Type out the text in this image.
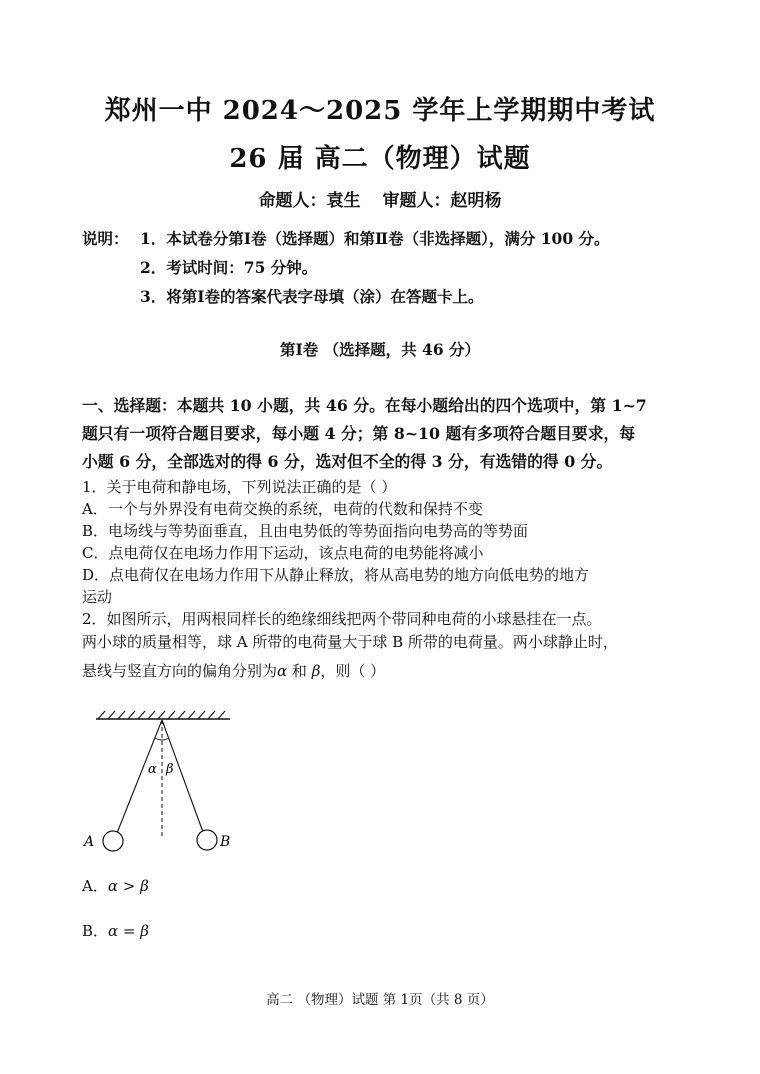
郑州一中 2024～2025 学年上学期期中考试
26 届 高二（物理）试题
命题人：袁生 审题人：赵明杨
说明： 1．本试卷分第Ⅰ卷（选择题）和第Ⅱ卷（非选择题），满分 100 分。
2．考试时间：75 分钟。
3．将第Ⅰ卷的答案代表字母填（涂）在答题卡上。
第Ⅰ卷 （选择题，共 46 分）
一、选择题：本题共 10 小题，共 46 分。在每小题给出的四个选项中，第 1~7
题只有一项符合题目要求，每小题 4 分；第 8~10 题有多项符合题目要求，每
小题 6 分，全部选对的得 6 分，选对但不全的得 3 分，有选错的得 0 分。
1．关于电荷和静电场，下列说法正确的是（ ）
A．一个与外界没有电荷交换的系统，电荷的代数和保持不变
B．电场线与等势面垂直，且由电势低的等势面指向电势高的等势面
C．点电荷仅在电场力作用下运动，该点电荷的电势能将减小
D．点电荷仅在电场力作用下从静止释放，将从高电势的地方向低电势的地方
运动
2．如图所示，用两根同样长的绝缘细线把两个带同种电荷的小球悬挂在一点。
两小球的质量相等，球 A 所带的电荷量大于球 B 所带的电荷量。两小球静止时，
悬线与竖直方向的偏角分别为α 和 β，则（ ）
α β
A	B
A．α > β
B．α = β
高二 （物理）试题 第 1页（共 8 页）
